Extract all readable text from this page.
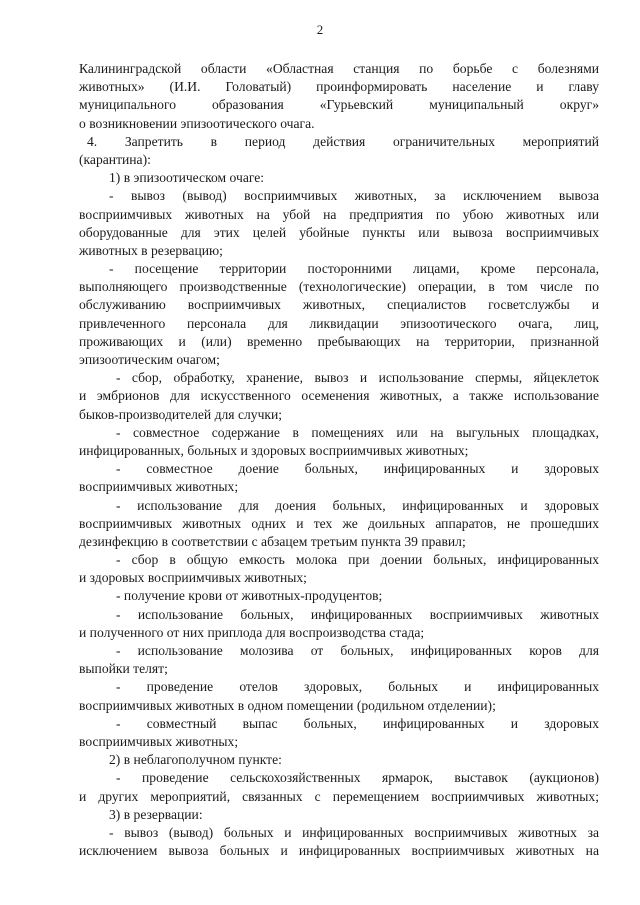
2
Калининградской области «Областная станция по борьбе с болезнями
животных» (И.И. Головатый) проинформировать население и главу
муниципального образования «Гурьевский муниципальный округ»
о возникновении эпизоотического очага.
4. Запретить в период действия ограничительных мероприятий
(карантина):
1) в эпизоотическом очаге:
- вывоз (вывод) восприимчивых животных, за исключением вывоза
восприимчивых животных на убой на предприятия по убою животных или
оборудованные для этих целей убойные пункты или вывоза восприимчивых
животных в резервацию;
- посещение территории посторонними лицами, кроме персонала,
выполняющего производственные (технологические) операции, в том числе по
обслуживанию восприимчивых животных, специалистов госветслужбы и
привлеченного персонала для ликвидации эпизоотического очага, лиц,
проживающих и (или) временно пребывающих на территории, признанной
эпизоотическим очагом;
- сбор, обработку, хранение, вывоз и использование спермы, яйцеклеток
и эмбрионов для искусственного осеменения животных, а также использование
быков-производителей для случки;
- совместное содержание в помещениях или на выгульных площадках,
инфицированных, больных и здоровых восприимчивых животных;
- совместное доение больных, инфицированных и здоровых
восприимчивых животных;
- использование для доения больных, инфицированных и здоровых
восприимчивых животных одних и тех же доильных аппаратов, не прошедших
дезинфекцию в соответствии с абзацем третьим пункта 39 правил;
- сбор в общую емкость молока при доении больных, инфицированных
и здоровых восприимчивых животных;
- получение крови от животных-продуцентов;
- использование больных, инфицированных восприимчивых животных
и полученного от них приплода для воспроизводства стада;
- использование молозива от больных, инфицированных коров для
выпойки телят;
- проведение отелов здоровых, больных и инфицированных
восприимчивых животных в одном помещении (родильном отделении);
- совместный выпас больных, инфицированных и здоровых
восприимчивых животных;
2) в неблагополучном пункте:
- проведение сельскохозяйственных ярмарок, выставок (аукционов)
и других мероприятий, связанных с перемещением восприимчивых животных;
3) в резервации:
- вывоз (вывод) больных и инфицированных восприимчивых животных за
исключением вывоза больных и инфицированных восприимчивых животных на
